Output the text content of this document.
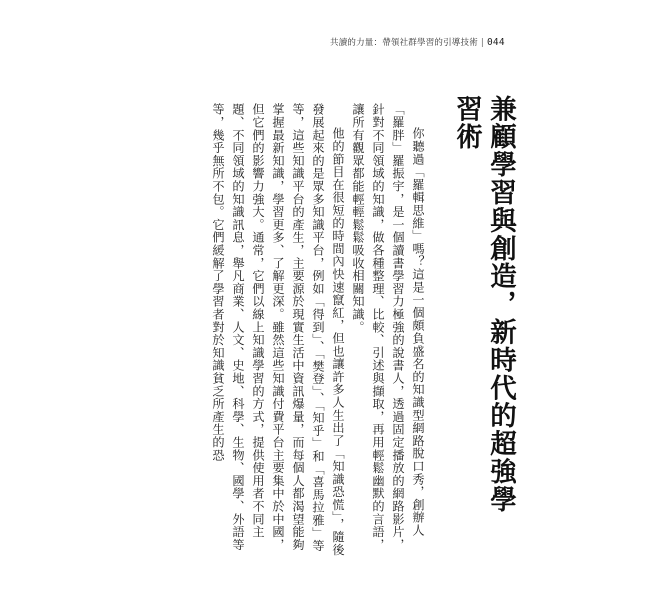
共讀的力量：帶領社群學習的引導技術 | 044
兼顧學習與創造，新時代的超強學習術

你聽過「羅輯思維」嗎？這是一個頗負盛名的知識型網路脫口秀，創辦人「羅胖」羅振宇，是一個讀書學習力極強的說書人，透過固定播放的網路影片，針對不同領域的知識，做各種整理、比較、引述與擷取，再用輕鬆幽默的言語，讓所有觀眾都能輕輕鬆鬆吸收相關知識。

他的節目在很短的時間內快速竄紅，但也讓許多人生出了「知識恐慌」，隨後發展起來的是眾多知識平台，例如「得到」、「樊登」、「知乎」和「喜馬拉雅」等等，這些知識平台的產生，主要源於現實生活中資訊爆量，而每個人都渴望能夠掌握最新知識，學習更多、了解更深。雖然這些知識付費平台主要集中於中國，但它們的影響力強大。通常，它們以線上知識學習的方式，提供使用者不同主題、不同領域的知識訊息，舉凡商業、人文、史地、科學、生物、國學、外語等等，幾乎無所不包。它們緩解了學習者對於知識貧乏所產生的恐
